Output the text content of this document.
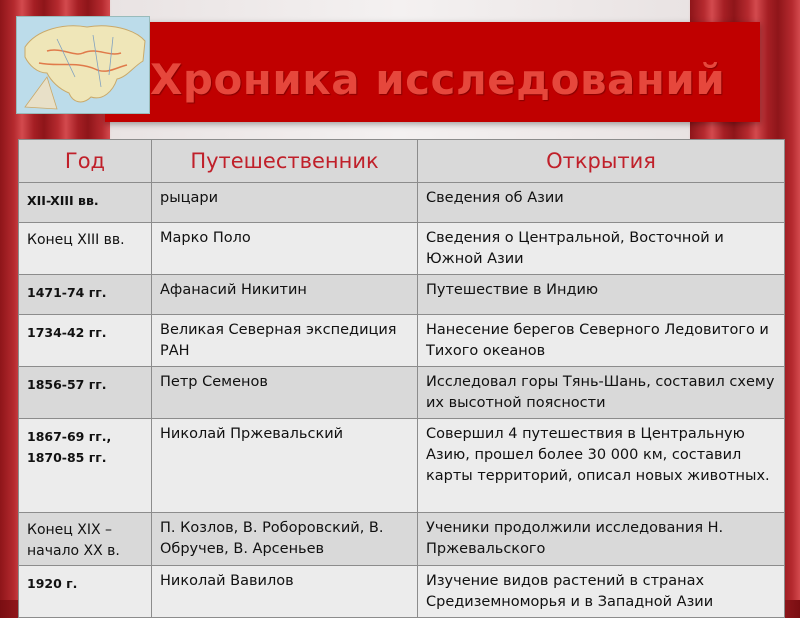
Хроника исследований
Год	Путешественник	Открытия
XII-XIII вв.	рыцари	Сведения об Азии
Конец XIII вв.	Марко Поло	Сведения о Центральной, Восточной и Южной Азии
1471-74 гг.	Афанасий Никитин	Путешествие в Индию
1734-42 гг.	Великая Северная экспедиция РАН	Нанесение берегов Северного Ледовитого и Тихого океанов
1856-57 гг.	Петр Семенов	Исследовал горы Тянь-Шань, составил схему их высотной поясности
1867-69 гг., 1870-85 гг.	Николай Пржевальский	Совершил 4 путешествия в Центральную Азию, прошел более 30 000 км, составил карты территорий, описал новых животных.
Конец XIX – начало XX в.	П. Козлов, В. Роборовский, В. Обручев, В. Арсеньев	Ученики продолжили исследования Н. Пржевальского
1920 г.	Николай Вавилов	Изучение видов растений в странах Средиземноморья и в Западной Азии
